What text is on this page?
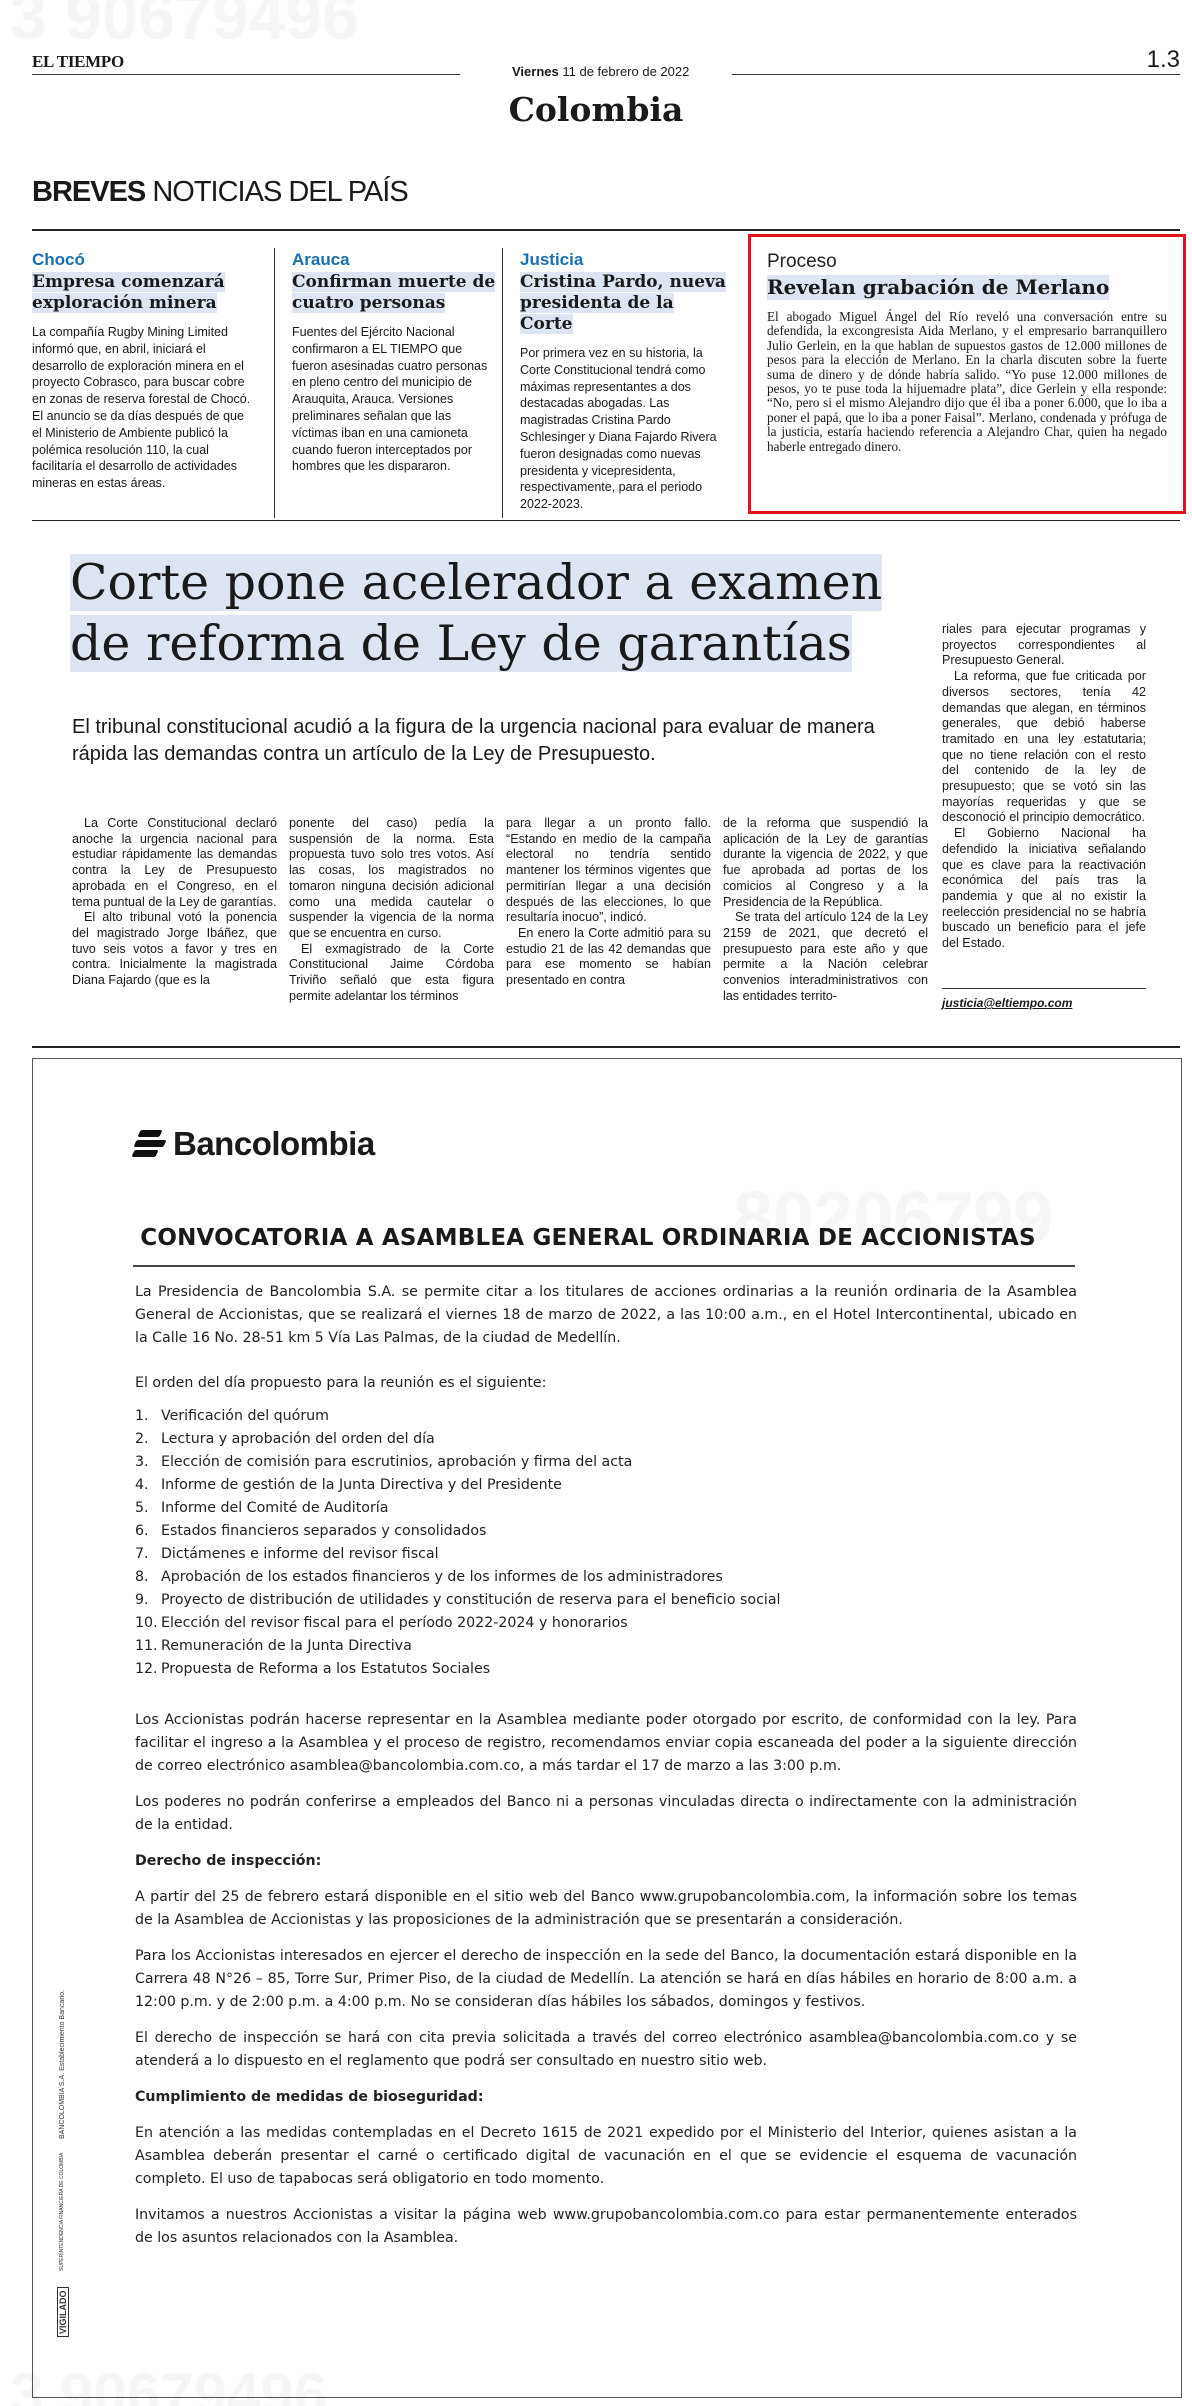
EL TIEMPO
Viernes 11 de febrero de 2022	1.3
Colombia
BREVES NOTICIAS DEL PAÍS
Chocó
Empresa comenzará exploración minera
La compañía Rugby Mining Limited informó que, en abril, iniciará el desarrollo de exploración minera en el proyecto Cobrasco, para buscar cobre en zonas de reserva forestal de Chocó. El anuncio se da días después de que el Ministerio de Ambiente publicó la polémica resolución 110, la cual facilitaría el desarrollo de actividades mineras en estas áreas.
Arauca
Confirman muerte de cuatro personas
Fuentes del Ejército Nacional confirmaron a EL TIEMPO que fueron asesinadas cuatro personas en pleno centro del municipio de Arauquita, Arauca. Versiones preliminares señalan que las víctimas iban en una camioneta cuando fueron interceptados por hombres que les dispararon.
Justicia
Cristina Pardo, nueva presidenta de la Corte
Por primera vez en su historia, la Corte Constitucional tendrá como máximas representantes a dos destacadas abogadas. Las magistradas Cristina Pardo Schlesinger y Diana Fajardo Rivera fueron designadas como nuevas presidenta y vicepresidenta, respectivamente, para el periodo 2022-2023.
Proceso
Revelan grabación de Merlano
El abogado Miguel Ángel del Río reveló una conversación entre su defendida, la excongresista Aida Merlano, y el empresario barranquillero Julio Gerlein, en la que hablan de supuestos gastos de 12.000 millones de pesos para la elección de Merlano. En la charla discuten sobre la fuerte suma de dinero y de dónde habría salido. “Yo puse 12.000 millones de pesos, yo te puse toda la hijuemadre plata”, dice Gerlein y ella responde: “No, pero si el mismo Alejandro dijo que él iba a poner 6.000, que lo iba a poner el papá, que lo iba a poner Faisal”. Merlano, condenada y prófuga de la justicia, estaría haciendo referencia a Alejandro Char, quien ha negado haberle entregado dinero.
Corte pone acelerador a examen
de reforma de Ley de garantías
El tribunal constitucional acudió a la figura de la urgencia nacional para evaluar de manera rápida las demandas contra un artículo de la Ley de Presupuesto.

La Corte Constitucional declaró anoche la urgencia nacional para estudiar rápidamente las demandas contra la Ley de Presupuesto aprobada en el Congreso, en el tema puntual de la Ley de garantías.

El alto tribunal votó la ponencia del magistrado Jorge Ibáñez, que tuvo seis votos a favor y tres en contra. Inicialmente la magistrada Diana Fajardo (que es la

ponente del caso) pedía la suspensión de la norma. Esta propuesta tuvo solo tres votos. Así las cosas, los magistrados no tomaron ninguna decisión adicional como una medida cautelar o suspender la vigencia de la norma que se encuentra en curso.

El exmagistrado de la Corte Constitucional Jaime Córdoba Triviño señaló que esta figura permite adelantar los términos

para llegar a un pronto fallo. “Estando en medio de la campaña electoral no tendría sentido mantener los términos vigentes que permitirían llegar a una decisión después de las elecciones, lo que resultaría inocuo”, indicó.

En enero la Corte admitió para su estudio 21 de las 42 demandas que para ese momento se habían presentado en contra

de la reforma que suspendió la aplicación de la Ley de garantías durante la vigencia de 2022, y que fue aprobada ad portas de los comicios al Congreso y a la Presidencia de la República.

Se trata del artículo 124 de la Ley 2159 de 2021, que decretó el presupuesto para este año y que permite a la Nación celebrar convenios interadministrativos con las entidades territo-

riales para ejecutar programas y proyectos correspondientes al Presupuesto General.

La reforma, que fue criticada por diversos sectores, tenía 42 demandas que alegan, en términos generales, que debió haberse tramitado en una ley estatutaria; que no tiene relación con el resto del contenido de la ley de presupuesto; que se votó sin las mayorías requeridas y que se desconoció el principio democrático.

El Gobierno Nacional ha defendido la iniciativa señalando que es clave para la reactivación económica del país tras la pandemia y que al no existir la reelección presidencial no se habría buscado un beneficio para el jefe del Estado.

justicia@eltiempo.com
Bancolombia
CONVOCATORIA A ASAMBLEA GENERAL ORDINARIA DE ACCIONISTAS

La Presidencia de Bancolombia S.A. se permite citar a los titulares de acciones ordinarias a la reunión ordinaria de la Asamblea General de Accionistas, que se realizará el viernes 18 de marzo de 2022, a las 10:00 a.m., en el Hotel Intercontinental, ubicado en la Calle 16 No. 28-51 km 5 Vía Las Palmas, de la ciudad de Medellín.

El orden del día propuesto para la reunión es el siguiente:

1. Verificación del quórum
2. Lectura y aprobación del orden del día
3. Elección de comisión para escrutinios, aprobación y firma del acta
4. Informe de gestión de la Junta Directiva y del Presidente
5. Informe del Comité de Auditoría
6. Estados financieros separados y consolidados
7. Dictámenes e informe del revisor fiscal
8. Aprobación de los estados financieros y de los informes de los administradores
9. Proyecto de distribución de utilidades y constitución de reserva para el beneficio social
10. Elección del revisor fiscal para el período 2022-2024 y honorarios
11. Remuneración de la Junta Directiva
12. Propuesta de Reforma a los Estatutos Sociales

Los Accionistas podrán hacerse representar en la Asamblea mediante poder otorgado por escrito, de conformidad con la ley. Para facilitar el ingreso a la Asamblea y el proceso de registro, recomendamos enviar copia escaneada del poder a la siguiente dirección de correo electrónico asamblea@bancolombia.com.co, a más tardar el 17 de marzo a las 3:00 p.m.

Los poderes no podrán conferirse a empleados del Banco ni a personas vinculadas directa o indirectamente con la administración de la entidad.

Derecho de inspección:

A partir del 25 de febrero estará disponible en el sitio web del Banco www.grupobancolombia.com, la información sobre los temas de la Asamblea de Accionistas y las proposiciones de la administración que se presentarán a consideración.

Para los Accionistas interesados en ejercer el derecho de inspección en la sede del Banco, la documentación estará disponible en la Carrera 48 N°26 – 85, Torre Sur, Primer Piso, de la ciudad de Medellín. La atención se hará en días hábiles en horario de 8:00 a.m. a 12:00 p.m. y de 2:00 p.m. a 4:00 p.m. No se consideran días hábiles los sábados, domingos y festivos.

El derecho de inspección se hará con cita previa solicitada a través del correo electrónico asamblea@bancolombia.com.co y se atenderá a lo dispuesto en el reglamento que podrá ser consultado en nuestro sitio web.

Cumplimiento de medidas de bioseguridad:

En atención a las medidas contempladas en el Decreto 1615 de 2021 expedido por el Ministerio del Interior, quienes asistan a la Asamblea deberán presentar el carné o certificado digital de vacunación en el que se evidencie el esquema de vacunación completo. El uso de tapabocas será obligatorio en todo momento.

Invitamos a nuestros Accionistas a visitar la página web www.grupobancolombia.com.co para estar permanentemente enterados de los asuntos relacionados con la Asamblea.

BANCOLOMBIA S.A. Establecimiento Bancario.
SUPERINTENDENCIA FINANCIERA DE COLOMBIA
VIGILADO
